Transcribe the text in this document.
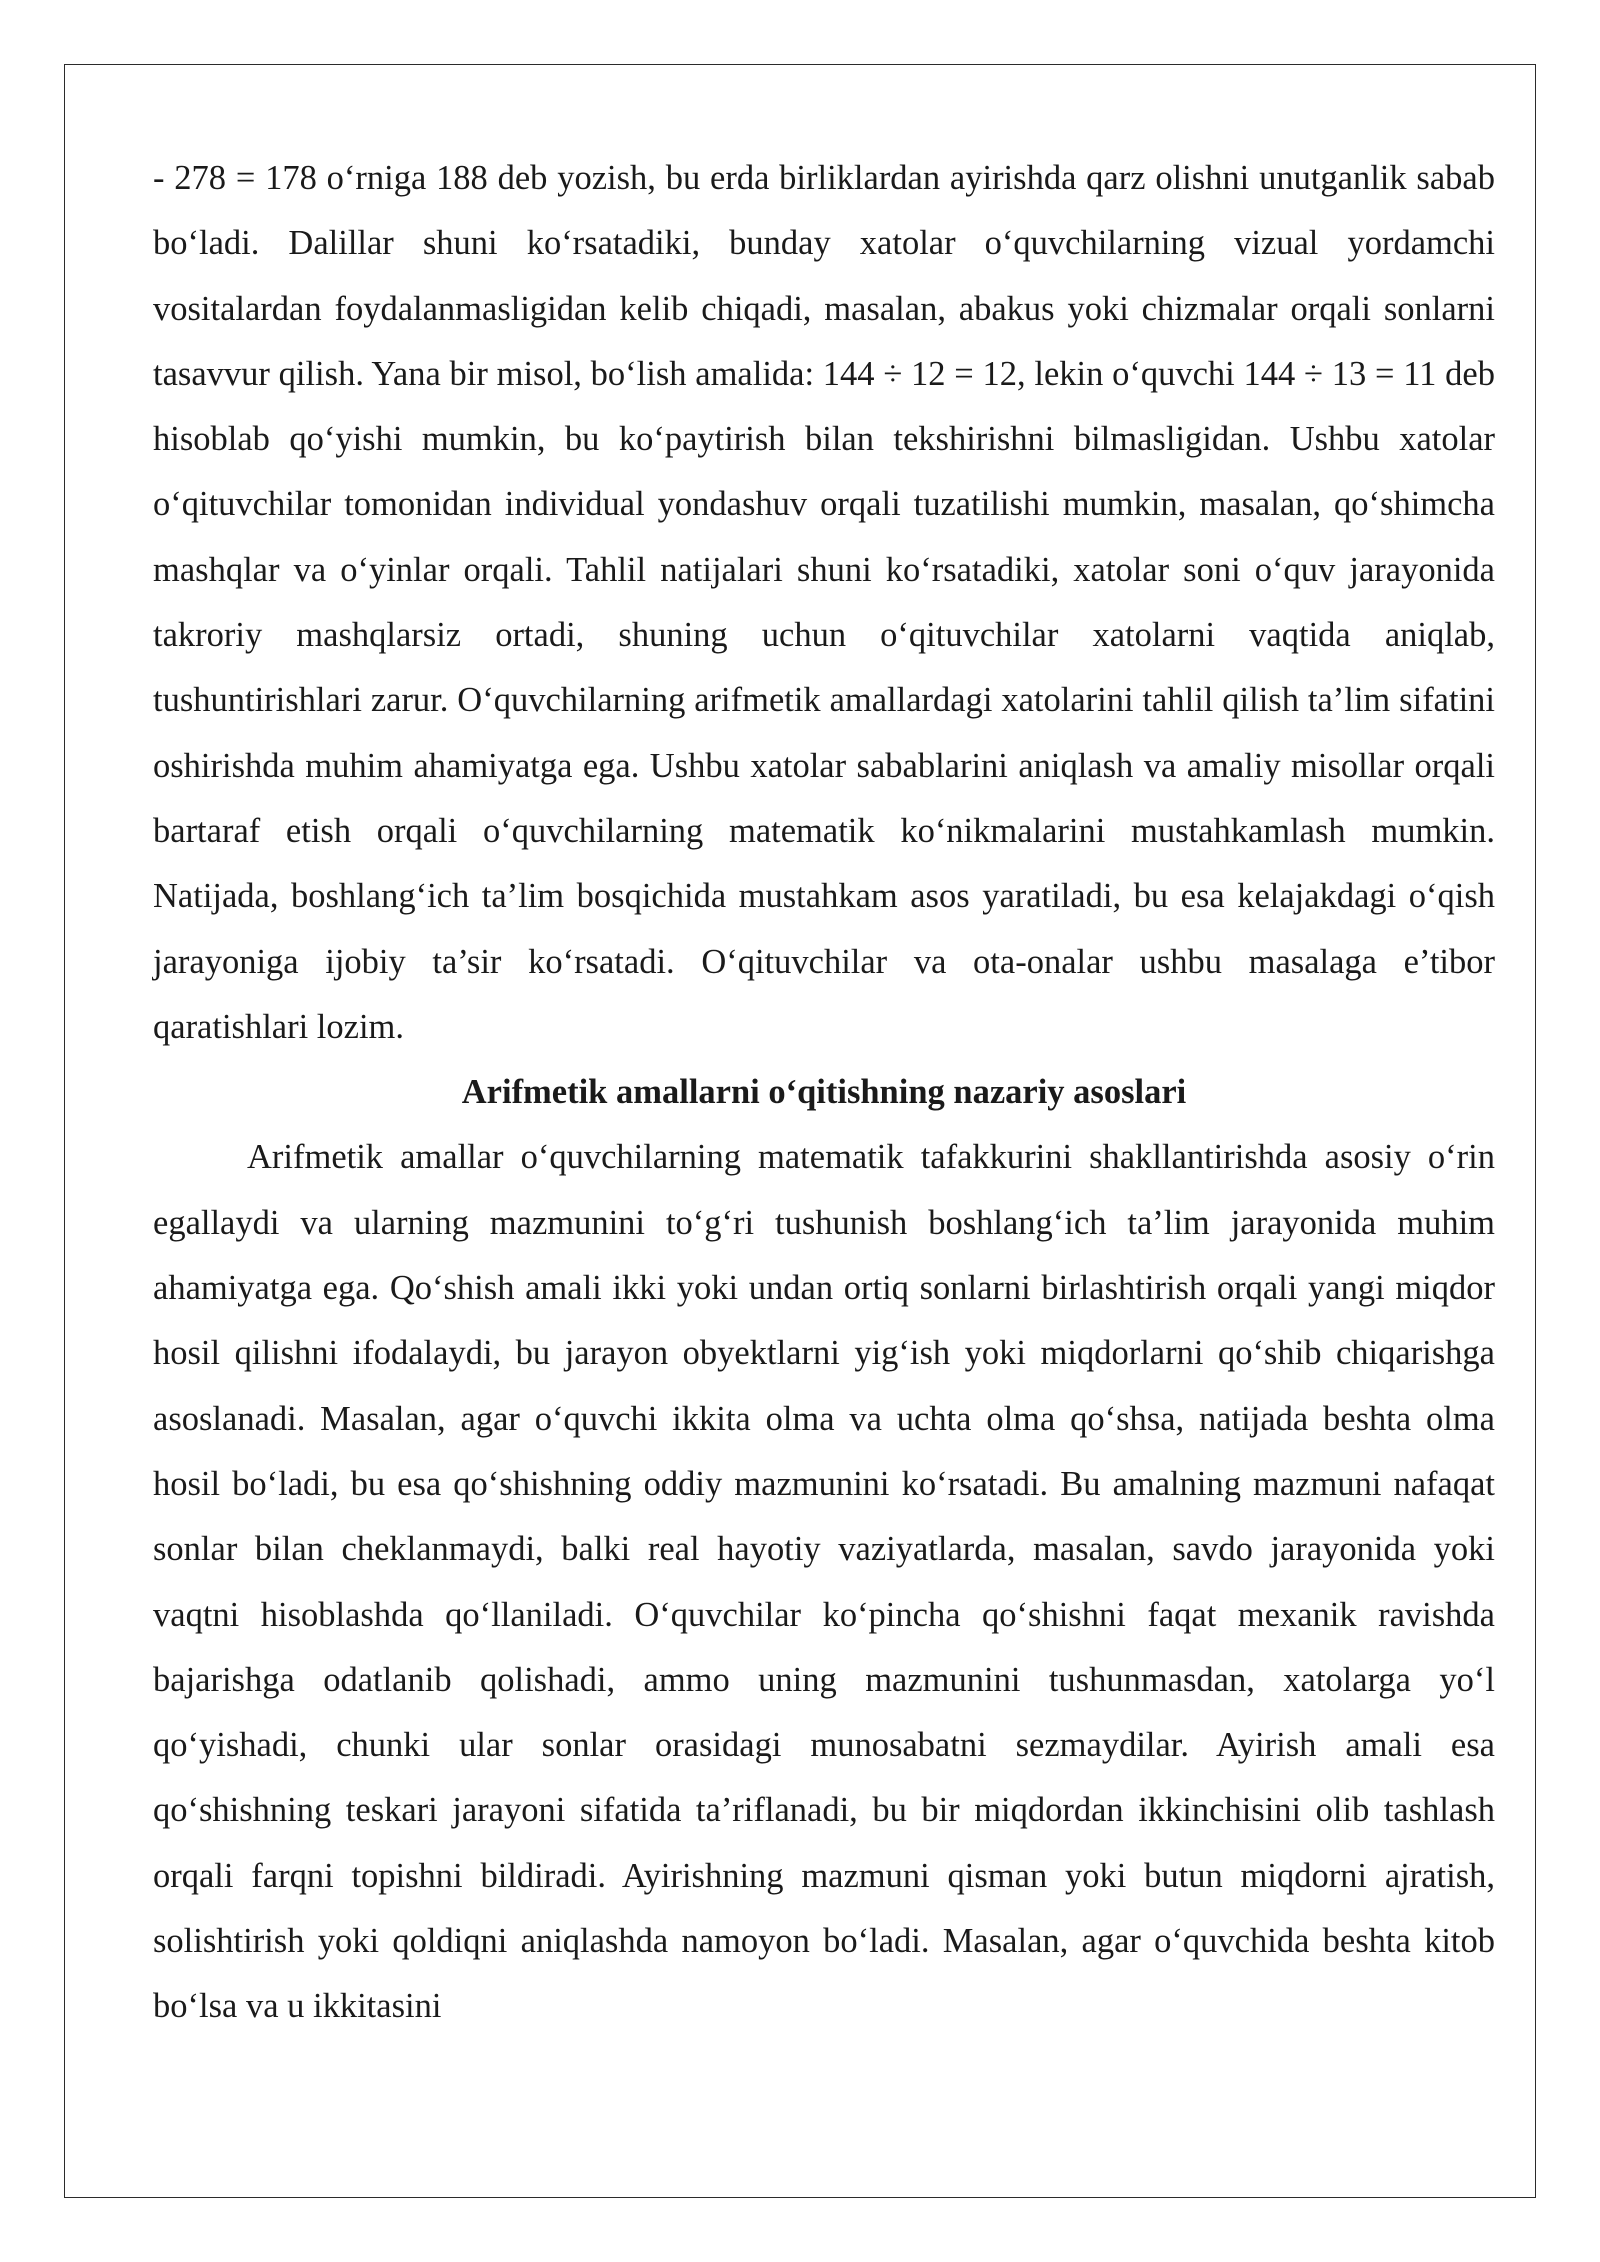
- 278 = 178 o‘rniga 188 deb yozish, bu erda birliklardan ayirishda qarz olishni unutganlik sabab bo‘ladi. Dalillar shuni ko‘rsatadiki, bunday xatolar o‘quvchilarning vizual yordamchi vositalardan foydalanmasligidan kelib chiqadi, masalan, abakus yoki chizmalar orqali sonlarni tasavvur qilish. Yana bir misol, bo‘lish amalida: 144 ÷ 12 = 12, lekin o‘quvchi 144 ÷ 13 = 11 deb hisoblab qo‘yishi mumkin, bu ko‘paytirish bilan tekshirishni bilmasligidan. Ushbu xatolar o‘qituvchilar tomonidan individual yondashuv orqali tuzatilishi mumkin, masalan, qo‘shimcha mashqlar va o‘yinlar orqali. Tahlil natijalari shuni ko‘rsatadiki, xatolar soni o‘quv jarayonida takroriy mashqlarsiz ortadi, shuning uchun o‘qituvchilar xatolarni vaqtida aniqlab, tushuntirishlari zarur. O‘quvchilarning arifmetik amallardagi xatolarini tahlil qilish ta’lim sifatini oshirishda muhim ahamiyatga ega. Ushbu xatolar sabablarini aniqlash va amaliy misollar orqali bartaraf etish orqali o‘quvchilarning matematik ko‘nikmalarini mustahkamlash mumkin. Natijada, boshlang‘ich ta’lim bosqichida mustahkam asos yaratiladi, bu esa kelajakdagi o‘qish jarayoniga ijobiy ta’sir ko‘rsatadi. O‘qituvchilar va ota-onalar ushbu masalaga e’tibor qaratishlari lozim.

Arifmetik amallarni o‘qitishning nazariy asoslari

Arifmetik amallar o‘quvchilarning matematik tafakkurini shakllantirishda asosiy o‘rin egallaydi va ularning mazmunini to‘g‘ri tushunish boshlang‘ich ta’lim jarayonida muhim ahamiyatga ega. Qo‘shish amali ikki yoki undan ortiq sonlarni birlashtirish orqali yangi miqdor hosil qilishni ifodalaydi, bu jarayon obyektlarni yig‘ish yoki miqdorlarni qo‘shib chiqarishga asoslanadi. Masalan, agar o‘quvchi ikkita olma va uchta olma qo‘shsa, natijada beshta olma hosil bo‘ladi, bu esa qo‘shishning oddiy mazmunini ko‘rsatadi. Bu amalning mazmuni nafaqat sonlar bilan cheklanmaydi, balki real hayotiy vaziyatlarda, masalan, savdo jarayonida yoki vaqtni hisoblashda qo‘llaniladi. O‘quvchilar ko‘pincha qo‘shishni faqat mexanik ravishda bajarishga odatlanib qolishadi, ammo uning mazmunini tushunmasdan, xatolarga yo‘l qo‘yishadi, chunki ular sonlar orasidagi munosabatni sezmaydilar. Ayirish amali esa qo‘shishning teskari jarayoni sifatida ta’riflanadi, bu bir miqdordan ikkinchisini olib tashlash orqali farqni topishni bildiradi. Ayirishning mazmuni qisman yoki butun miqdorni ajratish, solishtirish yoki qoldiqni aniqlashda namoyon bo‘ladi. Masalan, agar o‘quvchida beshta kitob bo‘lsa va u ikkitasini
